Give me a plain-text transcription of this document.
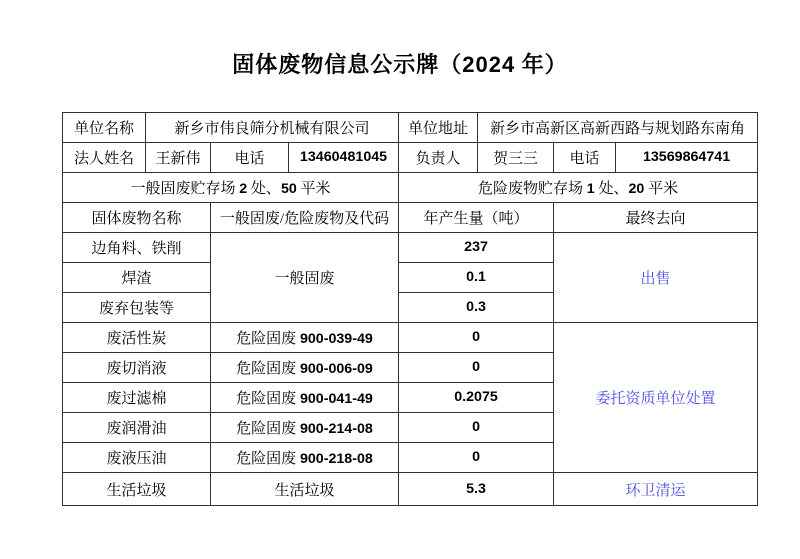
固体废物信息公示牌（2024 年）
单位名称	新乡市伟良筛分机械有限公司			单位地址	新乡市高新区高新西路与规划路东南角		
法人姓名	王新伟	电话	13460481045	负责人	贺三三	电话	13569864741
一般固废贮存场 2 处、50 平米				危险废物贮存场 1 处、20 平米			
固体废物名称		一般固废/危险废物及代码		年产生量（吨）		最终去向	
边角料、铁削		一般固废		237		出售	
焊渣				0.1			
废弃包装等				0.3			
废活性炭		危险固废 900-039-49		0		委托资质单位处置	
废切消液		危险固废 900-006-09		0			
废过滤棉		危险固废 900-041-49		0.2075			
废润滑油		危险固废 900-214-08		0			
废液压油		危险固废 900-218-08		0			
生活垃圾		生活垃圾		5.3		环卫清运	
